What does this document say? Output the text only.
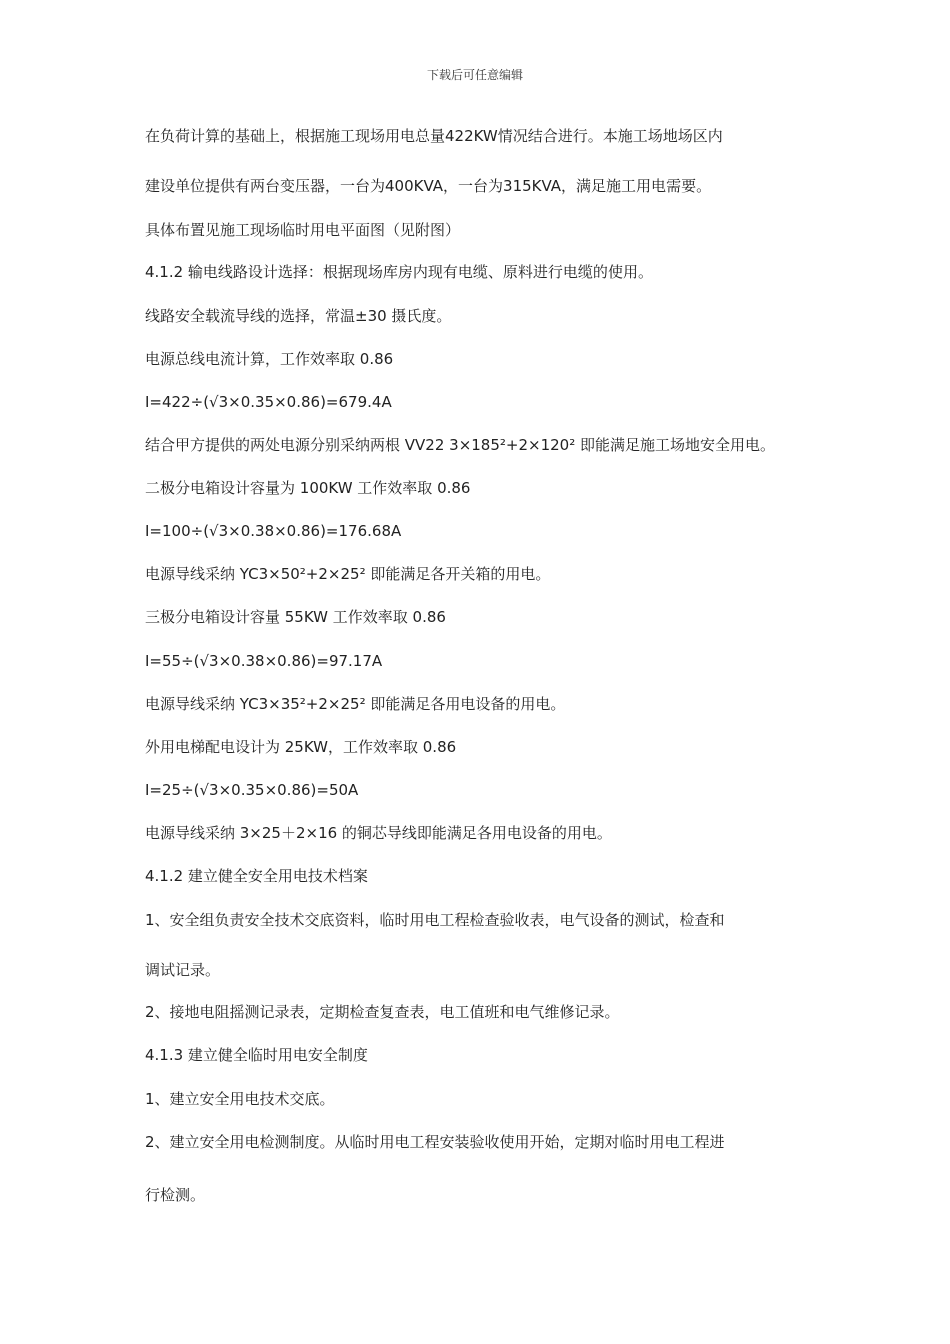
下载后可任意编辑
在负荷计算的基础上，根据施工现场用电总量422KW情况结合进行。本施工场地场区内
建设单位提供有两台变压器，一台为400KVA，一台为315KVA，满足施工用电需要。
具体布置见施工现场临时用电平面图（见附图）
4.1.2 输电线路设计选择：根据现场库房内现有电缆、原料进行电缆的使用。
线路安全载流导线的选择，常温±30 摄氏度。
电源总线电流计算，工作效率取 0.86
I=422÷(√3×0.35×0.86)=679.4A
结合甲方提供的两处电源分别采纳两根 VV22 3×185²+2×120² 即能满足施工场地安全用电。
二极分电箱设计容量为 100KW 工作效率取 0.86
I=100÷(√3×0.38×0.86)=176.68A
电源导线采纳 YC3×50²+2×25² 即能满足各开关箱的用电。
三极分电箱设计容量 55KW 工作效率取 0.86
I=55÷(√3×0.38×0.86)=97.17A
电源导线采纳 YC3×35²+2×25² 即能满足各用电设备的用电。
外用电梯配电设计为 25KW，工作效率取 0.86
I=25÷(√3×0.35×0.86)=50A
电源导线采纳 3×25＋2×16 的铜芯导线即能满足各用电设备的用电。
4.1.2 建立健全安全用电技术档案
1、安全组负责安全技术交底资料，临时用电工程检查验收表，电气设备的测试，检查和
调试记录。
2、接地电阻摇测记录表，定期检查复查表，电工值班和电气维修记录。
4.1.3 建立健全临时用电安全制度
1、建立安全用电技术交底。
2、建立安全用电检测制度。从临时用电工程安装验收使用开始，定期对临时用电工程进
行检测。
